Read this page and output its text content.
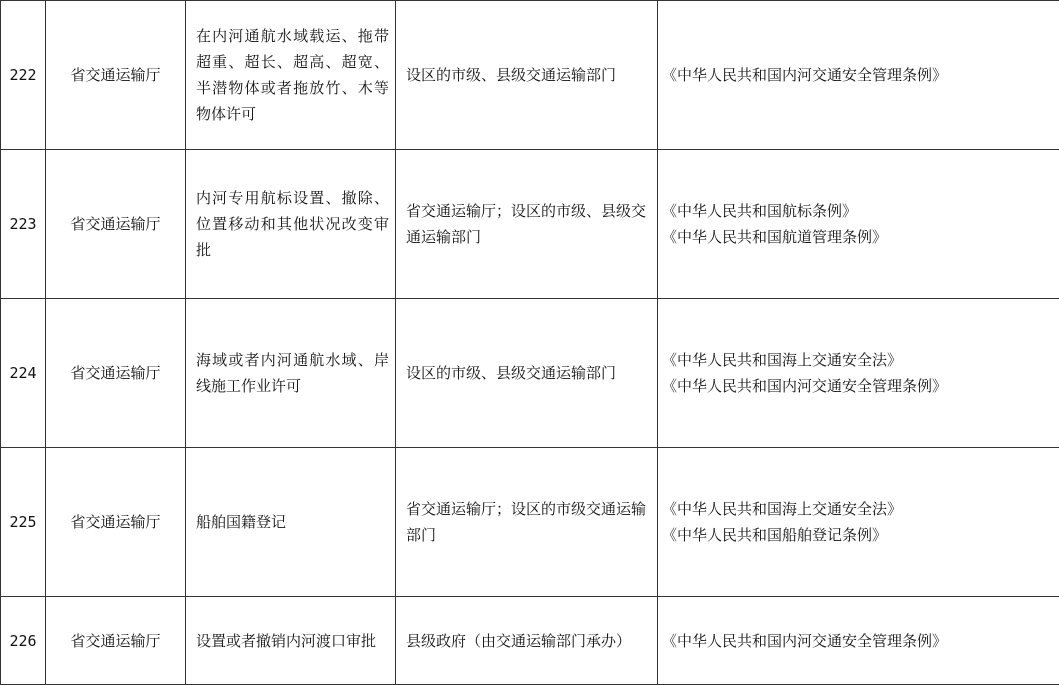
222	省交通运输厅	在内河通航水域载运、拖带超重、超长、超高、超宽、半潜物体或者拖放竹、木等物体许可	设区的市级、县级交通运输部门	《中华人民共和国内河交通安全管理条例》

223	省交通运输厅	内河专用航标设置、撤除、位置移动和其他状况改变审批	省交通运输厅；设区的市级、县级交通运输部门	《中华人民共和国航标条例》
《中华人民共和国航道管理条例》

224	省交通运输厅	海域或者内河通航水域、岸线施工作业许可	设区的市级、县级交通运输部门	《中华人民共和国海上交通安全法》
《中华人民共和国内河交通安全管理条例》

225	省交通运输厅	船舶国籍登记	省交通运输厅；设区的市级交通运输部门	《中华人民共和国海上交通安全法》
《中华人民共和国船舶登记条例》

226	省交通运输厅	设置或者撤销内河渡口审批	县级政府（由交通运输部门承办）	《中华人民共和国内河交通安全管理条例》
